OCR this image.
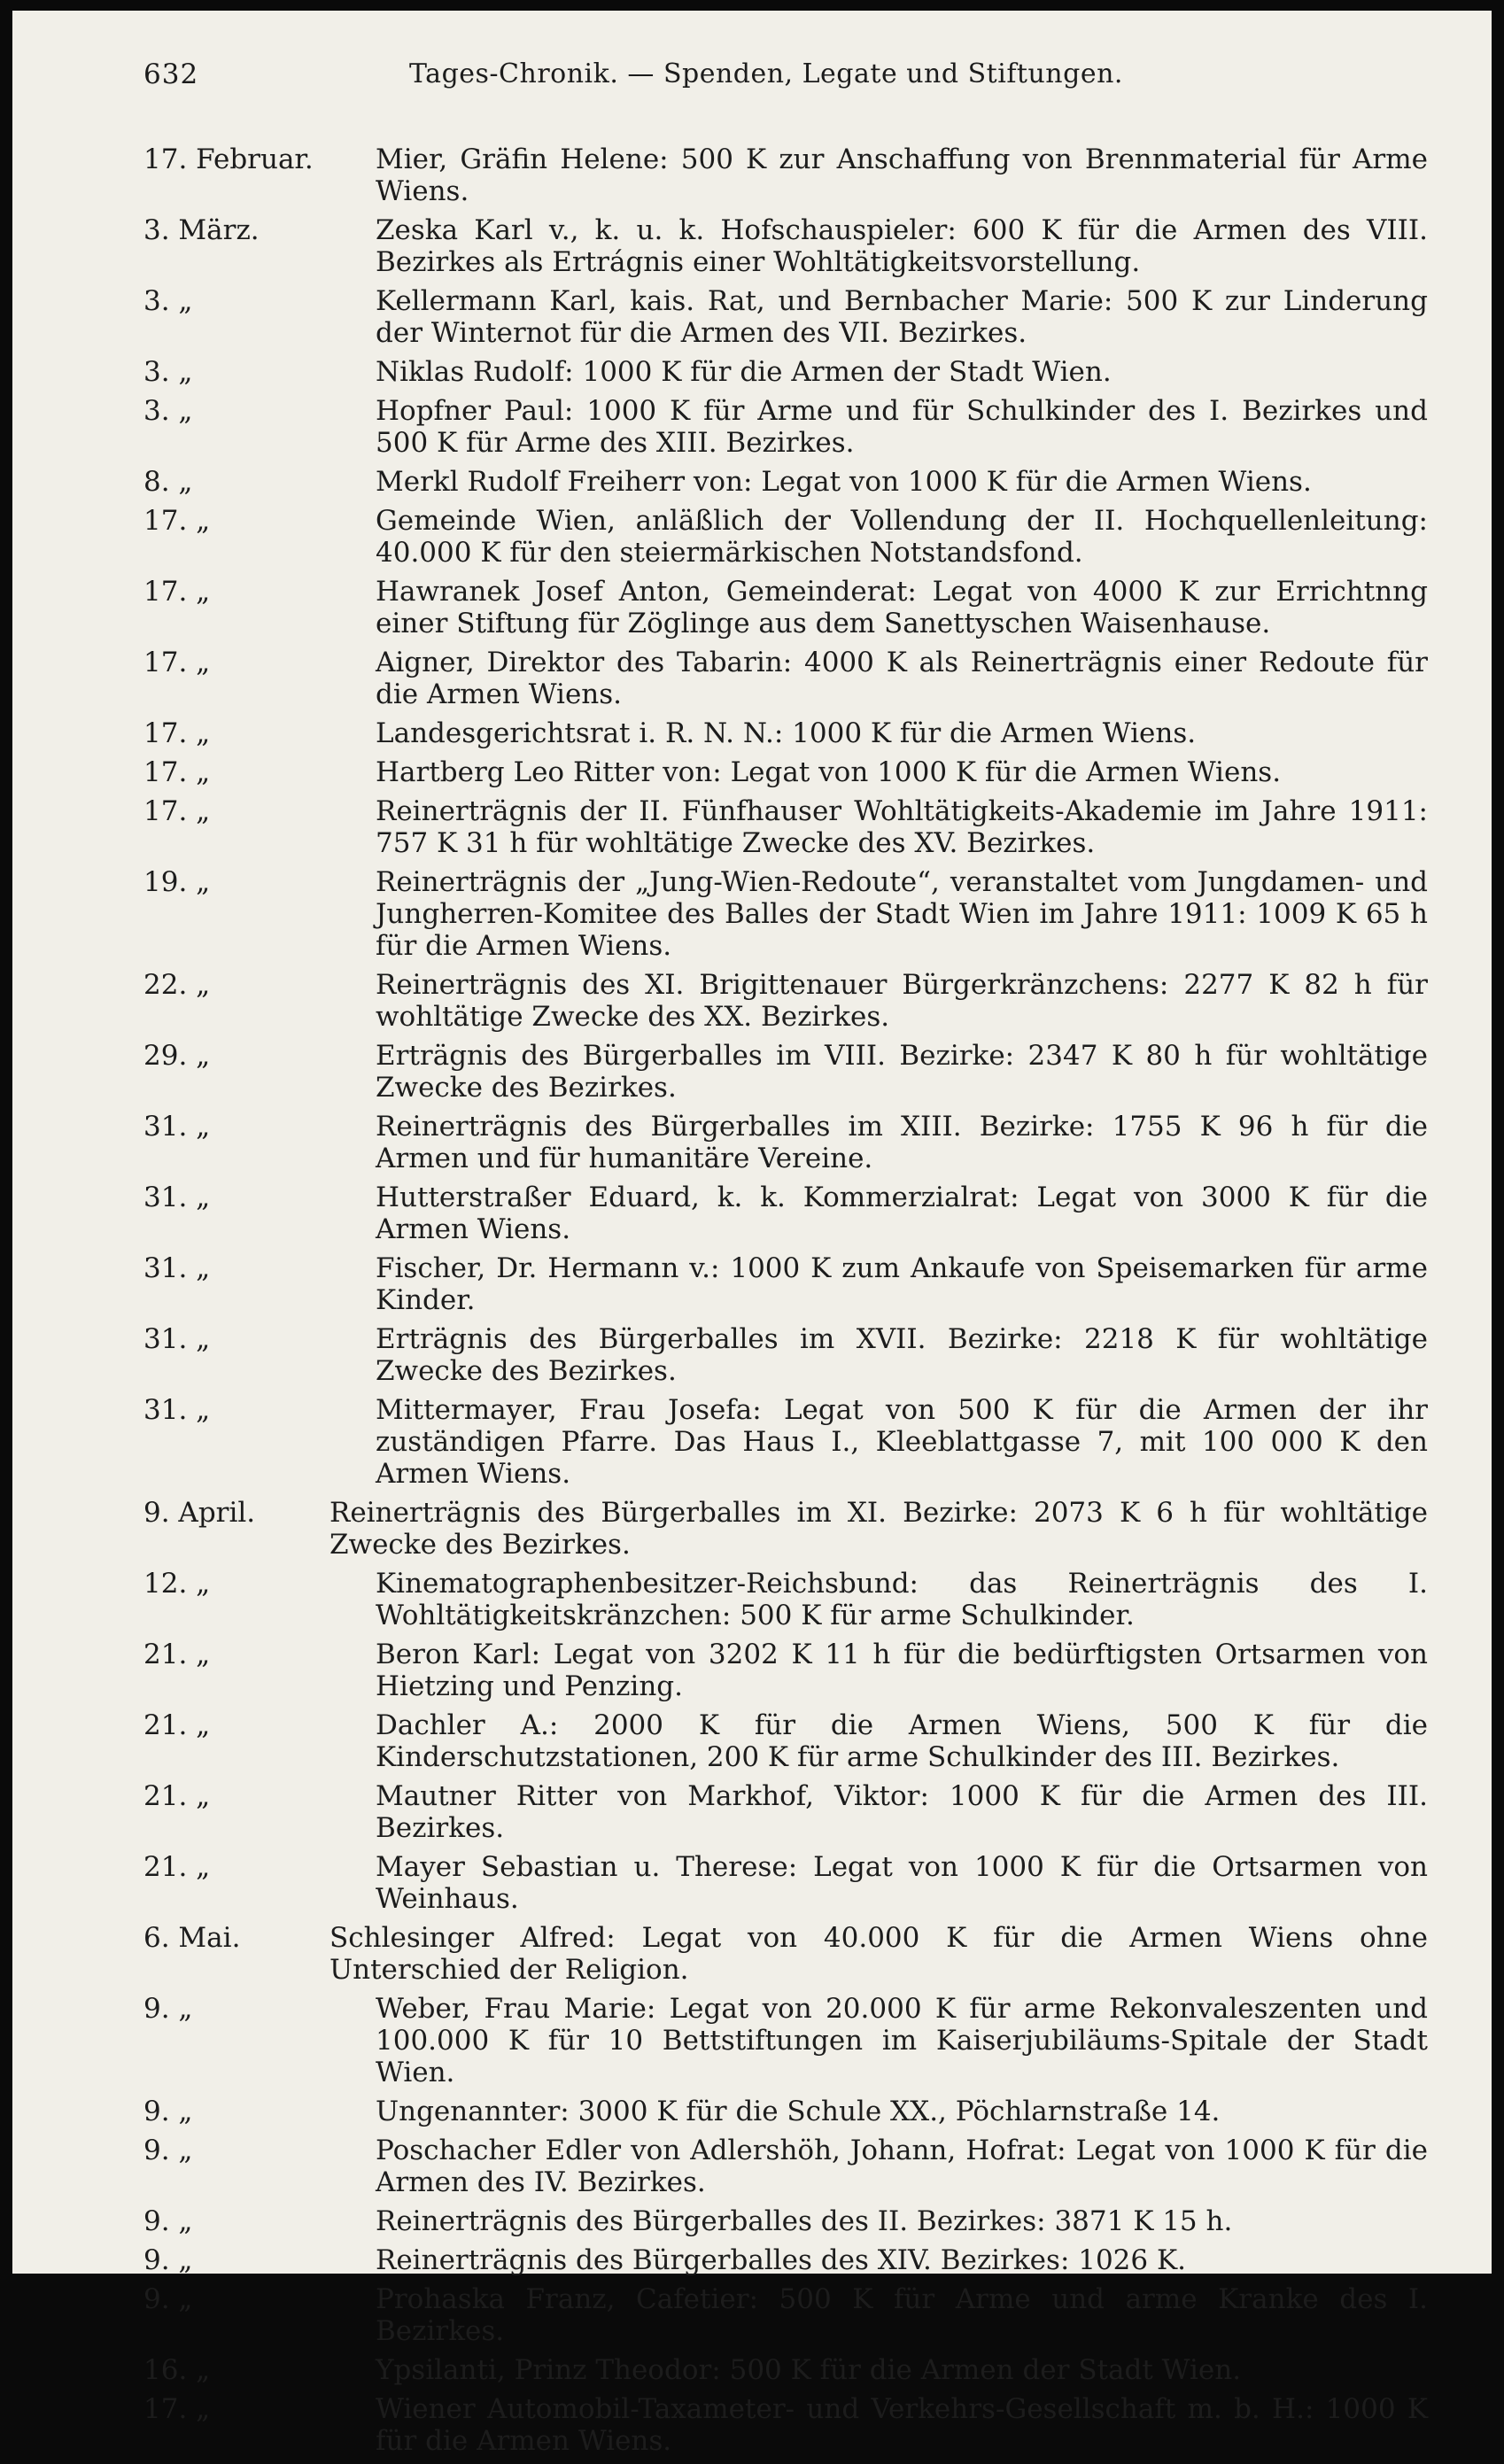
632	Tages-Chronik. — Spenden, Legate und Stiftungen.
17. Februar. Mier, Gräfin Helene: 500 K zur Anschaffung von Brennmaterial für Arme Wiens.
3. März.	Zeska Karl v., k. u. k. Hofschauspieler: 600 K für die Armen des VIII. Bezirkes als Ertrágnis einer Wohltätigkeitsvorstellung.
3. „	Kellermann Karl, kais. Rat, und Bernbacher Marie: 500 K zur Linderung der Winternot für die Armen des VII. Bezirkes.
3. „	Niklas Rudolf: 1000 K für die Armen der Stadt Wien.
3. „	Hopfner Paul: 1000 K für Arme und für Schulkinder des I. Bezirkes und 500 K für Arme des XIII. Bezirkes.
8. „	Merkl Rudolf Freiherr von: Legat von 1000 K für die Armen Wiens.
17. „	Gemeinde Wien, anläßlich der Vollendung der II. Hochquellenleitung: 40.000 K für den steiermärkischen Notstandsfond.
17. „	Hawranek Josef Anton, Gemeinderat: Legat von 4000 K zur Errichtnng einer Stiftung für Zöglinge aus dem Sanettyschen Waisenhause.
17. „	Aigner, Direktor des Tabarin: 4000 K als Reinerträgnis einer Redoute für die Armen Wiens.
17. „	Landesgerichtsrat i. R. N. N.: 1000 K für die Armen Wiens.
17. „	Hartberg Leo Ritter von: Legat von 1000 K für die Armen Wiens.
17. „	Reinerträgnis der II. Fünfhauser Wohltätigkeits-Akademie im Jahre 1911: 757 K 31 h für wohltätige Zwecke des XV. Bezirkes.
19. „	Reinerträgnis der „Jung-Wien-Redoute“, veranstaltet vom Jungdamen- und Jungherren-Komitee des Balles der Stadt Wien im Jahre 1911: 1009 K 65 h für die Armen Wiens.
22. „	Reinerträgnis des XI. Brigittenauer Bürgerkränzchens: 2277 K 82 h für wohltätige Zwecke des XX. Bezirkes.
29. „	Erträgnis des Bürgerballes im VIII. Bezirke: 2347 K 80 h für wohltätige Zwecke des Bezirkes.
31. „	Reinerträgnis des Bürgerballes im XIII. Bezirke: 1755 K 96 h für die Armen und für humanitäre Vereine.
31. „	Hutterstraßer Eduard, k. k. Kommerzialrat: Legat von 3000 K für die Armen Wiens.
31. „	Fischer, Dr. Hermann v.: 1000 K zum Ankaufe von Speisemarken für arme Kinder.
31. „	Erträgnis des Bürgerballes im XVII. Bezirke: 2218 K für wohltätige Zwecke des Bezirkes.
31. „	Mittermayer, Frau Josefa: Legat von 500 K für die Armen der ihr zuständigen Pfarre. Das Haus I., Kleeblattgasse 7, mit 100 000 K den Armen Wiens.
9. April.	Reinerträgnis des Bürgerballes im XI. Bezirke: 2073 K 6 h für wohltätige Zwecke des Bezirkes.
12. „	Kinematographenbesitzer-Reichsbund: das Reinerträgnis des I. Wohltätigkeitskränzchen: 500 K für arme Schulkinder.
21. „	Beron Karl: Legat von 3202 K 11 h für die bedürftigsten Ortsarmen von Hietzing und Penzing.
21. „	Dachler A.: 2000 K für die Armen Wiens, 500 K für die Kinderschutzstationen, 200 K für arme Schulkinder des III. Bezirkes.
21. „	Mautner Ritter von Markhof, Viktor: 1000 K für die Armen des III. Bezirkes.
21. „	Mayer Sebastian u. Therese: Legat von 1000 K für die Ortsarmen von Weinhaus.
6. Mai.	Schlesinger Alfred: Legat von 40.000 K für die Armen Wiens ohne Unterschied der Religion.
9. „	Weber, Frau Marie: Legat von 20.000 K für arme Rekonvaleszenten und 100.000 K für 10 Bettstiftungen im Kaiserjubiläums-Spitale der Stadt Wien.
9. „	Ungenannter: 3000 K für die Schule XX., Pöchlarnstraße 14.
9. „	Poschacher Edler von Adlershöh, Johann, Hofrat: Legat von 1000 K für die Armen des IV. Bezirkes.
9. „	Reinerträgnis des Bürgerballes des II. Bezirkes: 3871 K 15 h.
9. „	Reinerträgnis des Bürgerballes des XIV. Bezirkes: 1026 K.
9. „	Prohaska Franz, Cafetier: 500 K für Arme und arme Kranke des I. Bezirkes.
16. „	Ypsilanti, Prinz Theodor: 500 K für die Armen der Stadt Wien.
17. „	Wiener Automobil-Taxameter- und Verkehrs-Gesellschaft m. b. H.: 1000 K für die Armen Wiens.
